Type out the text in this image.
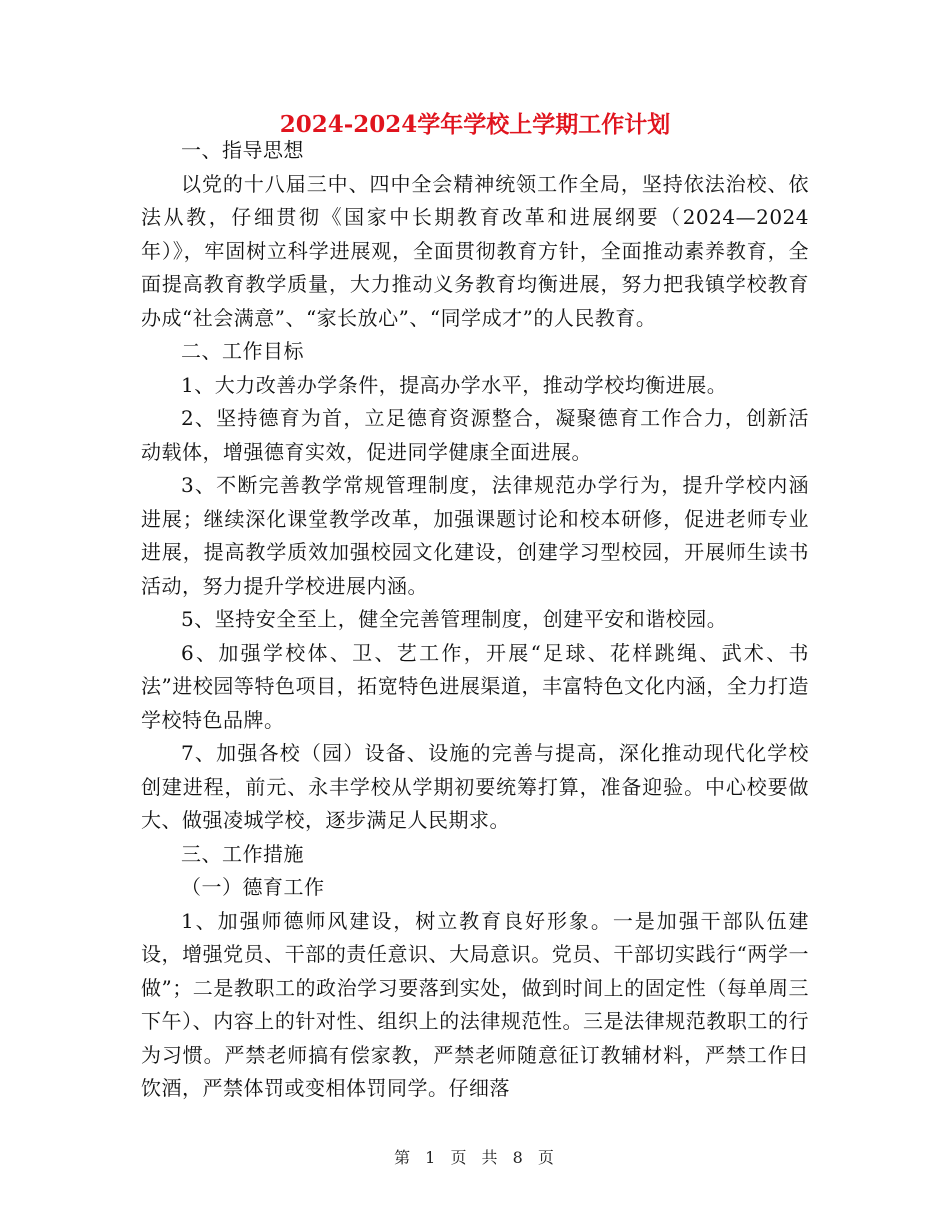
2024-2024学年学校上学期工作计划

一、指导思想

以党的十八届三中、四中全会精神统领工作全局，坚持依法治校、依法从教，仔细贯彻《国家中长期教育改革和进展纲要（2024—2024年）》，牢固树立科学进展观，全面贯彻教育方针，全面推动素养教育，全面提高教育教学质量，大力推动义务教育均衡进展，努力把我镇学校教育办成“社会满意”、“家长放心”、“同学成才”的人民教育。

二、工作目标

1、大力改善办学条件，提高办学水平，推动学校均衡进展。

2、坚持德育为首，立足德育资源整合，凝聚德育工作合力，创新活动载体，增强德育实效，促进同学健康全面进展。

3、不断完善教学常规管理制度，法律规范办学行为，提升学校内涵进展；继续深化课堂教学改革，加强课题讨论和校本研修，促进老师专业进展，提高教学质效加强校园文化建设，创建学习型校园，开展师生读书活动，努力提升学校进展内涵。

5、坚持安全至上，健全完善管理制度，创建平安和谐校园。

6、加强学校体、卫、艺工作，开展“足球、花样跳绳、武术、书法”进校园等特色项目，拓宽特色进展渠道，丰富特色文化内涵，全力打造学校特色品牌。

7、加强各校（园）设备、设施的完善与提高，深化推动现代化学校创建进程，前元、永丰学校从学期初要统筹打算，准备迎验。中心校要做大、做强凌城学校，逐步满足人民期求。

三、工作措施

（一）德育工作

1、加强师德师风建设，树立教育良好形象。一是加强干部队伍建设，增强党员、干部的责任意识、大局意识。党员、干部切实践行“两学一做”；二是教职工的政治学习要落到实处，做到时间上的固定性（每单周三下午）、内容上的针对性、组织上的法律规范性。三是法律规范教职工的行为习惯。严禁老师搞有偿家教，严禁老师随意征订教辅材料，严禁工作日饮酒，严禁体罚或变相体罚同学。仔细落

第 1 页 共 8 页
